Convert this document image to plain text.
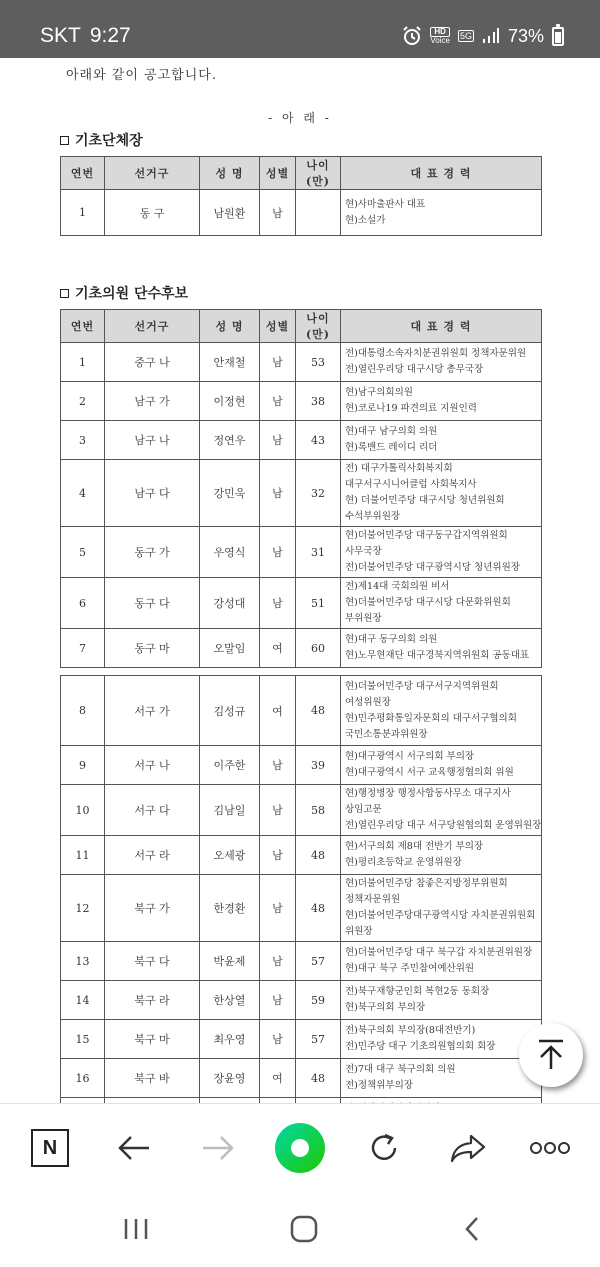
SKT 9:27	HD
Voice 5G 73%
아래와 같이 공고합니다.
- 아 래 -
기초단체장
연번	선거구	성 명	성별	나이(만)	대 표 경 력
1	동 구	남원환	남		현)사마출판사 대표
현)소설가
기초의원 단수후보
연번	선거구	성 명	성별	나이(만)	대 표 경 력
1	중구 나	안재철	남	53	전)대통령소속자치분권위원회 정책자문위원
전)열린우리당 대구시당 총무국장

2	남구 가	이정현	남	38	현)남구의회의원
현)코로나19 파견의료 지원인력

3	남구 나	정연우	남	43	현)대구 남구의회 의원
현)록밴드 레이디 리더

4	남구 다	강민욱	남	32	전) 대구가톨릭사회복지회
대구서구시니어클럽 사회복지사
현) 더불어민주당 대구시당 청년위원회
수석부위원장

5	동구 가	우영식	남	31	현)더불어민주당 대구동구갑지역위원회
사무국장
전)더불어민주당 대구광역시당 청년위원장

6	동구 다	강성대	남	51	전)제14대 국회의원 비서
현)더불어민주당 대구시당 다문화위원회
부위원장

7	동구 마	오말임	여	60	현)대구 동구의회 의원
현)노무현재단 대구경북지역위원회 공동대표

8	서구 가	김성규	여	48	현)더불어민주당 대구서구지역위원회
여성위원장
현)민주평화통일자문회의 대구서구협의회
국민소통분과위원장

9	서구 나	이주한	남	39	현)대구광역시 서구의회 부의장
현)대구광역시 서구 교육행정협의회 위원

10	서구 다	김남일	남	58	현)행정병장 행정사합동사무소 대구지사
상임고문
전)열린우리당 대구 서구당원협의회 운영위원장

11	서구 라	오세광	남	48	현)서구의회 제8대 전반기 부의장
현)평리초등학교 운영위원장

12	북구 가	한경환	남	48	현)더불어민주당 참좋은지방정부위원회
정책자문위원
현)더불어민주당대구광역시당 자치분권위원회
위원장

13	북구 다	박윤제	남	57	현)더불어민주당 대구 북구갑 자치분권위원장
현)대구 북구 주민참여예산위원

14	북구 라	한상열	남	59	전)북구재향군인회 복현2동 동회장
현)북구의회 부의장

15	북구 마	최우영	남	57	전)북구의회 부의장(8대전반기)
전)민주당 대구 기초의원협의회 회장

16	북구 바	장윤영	여	48	전)7대 대구 북구의회 의원
전)정책위부의장

N
